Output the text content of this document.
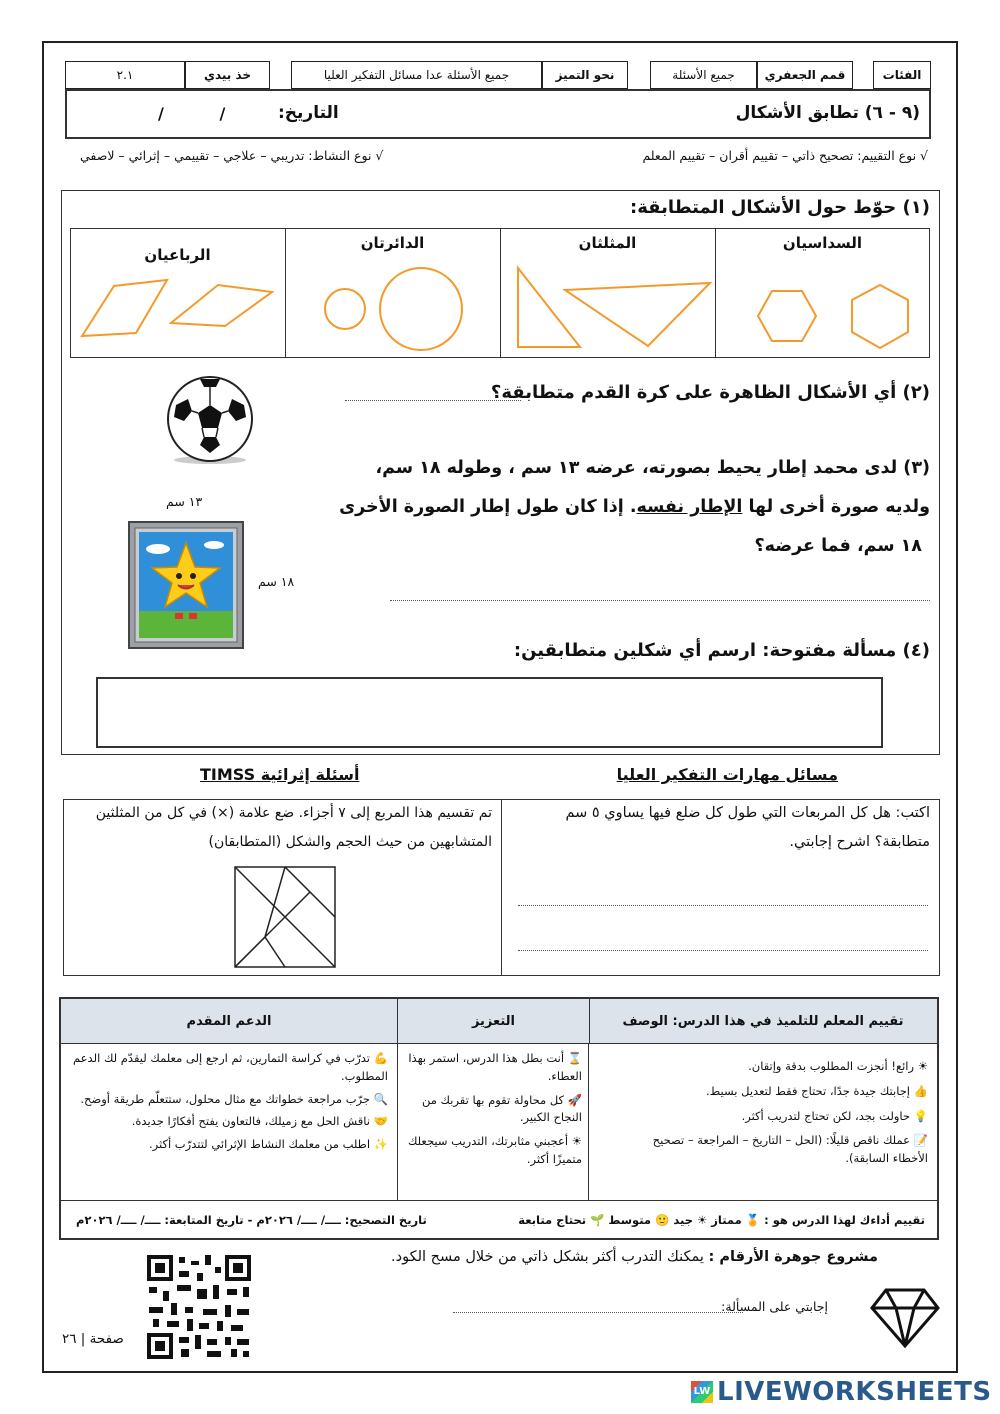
الفئات
قمم الجعفري
جميع الأسئلة
نحو التميز
جميع الأسئلة عدا مسائل التفكير العليا
خذ بيدي
٢.١
(٩ - ٦) تطابق الأشكال
التاريخ:
/          /
√ نوع التقييم: تصحيح ذاتي – تقييم أقران – تقييم المعلم
√ نوع النشاط: تدريبي – علاجي – تقييمي – إثرائي – لاصفي
(١) حوّط حول الأشكال المتطابقة:
السداسيان
المثلثان
الدائرتان
الرباعيان
(٢) أي الأشكال الظاهرة على كرة القدم متطابقة؟
(٣) لدى محمد إطار يحيط بصورته، عرضه ١٣ سم ، وطوله ١٨ سم،
ولديه صورة أخرى لها الإطار نفسه. إذا كان طول إطار الصورة الأخرى
١٨ سم، فما عرضه؟
١٣ سم
١٨ سم
(٤) مسألة مفتوحة: ارسم أي شكلين متطابقين:
مسائل مهارات التفكير العليا
أسئلة إثرائية TIMSS
اكتب: هل كل المربعات التي طول كل ضلع فيها يساوي ٥ سم
متطابقة؟ اشرح إجابتي.
تم تقسيم هذا المربع إلى ٧ أجزاء. ضع علامة (×) في كل من المثلثين
المتشابهين من حيث الحجم والشكل (المتطابقان)
تقييم المعلم للتلميذ في هذا الدرس: الوصف
التعزيز
الدعم المقدم
☀ رائع! أنجزت المطلوب بدقة وإتقان.
👍 إجابتك جيدة جدًا، تحتاج فقط لتعديل بسيط.
💡 حاولت بجد، لكن تحتاج لتدريب أكثر.
📝 عملك ناقص قليلًا: (الحل – التاريخ – المراجعة – تصحيح الأخطاء السابقة).
⌛ أنت بطل هذا الدرس، استمر بهذا العطاء.
🚀 كل محاولة تقوم بها تقربك من النجاح الكبير.
☀ أعجبني مثابرتك، التدريب سيجعلك متميزًا أكثر.
💪 تدرّب في كراسة التمارين، ثم ارجع إلى معلمك ليقدّم لك الدعم المطلوب.
🔍 جرّب مراجعة خطواتك مع مثال محلول، ستتعلّم طريقة أوضح.
🤝 ناقش الحل مع زميلك، فالتعاون يفتح أفكارًا جديدة.
✨ اطلب من معلمك النشاط الإثرائي لتتدرّب أكثر.
تقييم أداءك لهذا الدرس هو : 🏅 ممتاز ☀ جيد 🙂 متوسط 🌱 تحتاج متابعة
تاريخ التصحيح: ــــ/ ــــ/ ٢٠٢٦م - تاريخ المتابعة: ــــ/ ــــ/ ٢٠٢٦م
مشروع جوهرة الأرقام : يمكنك التدرب أكثر بشكل ذاتي من خلال مسح الكود.
إجابتي على المسألة:
صفحة | ٢٦
LW LIVEWORKSHEETS
